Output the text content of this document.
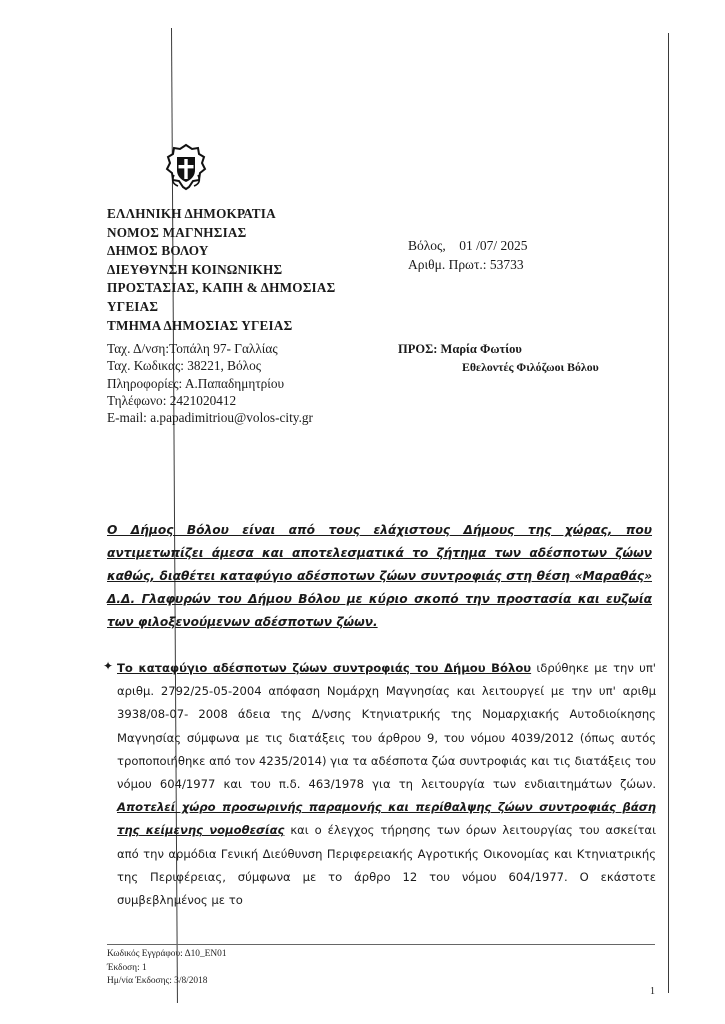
ΕΛΛΗΝΙΚΗ ΔΗΜΟΚΡΑΤΙΑ
ΝΟΜΟΣ ΜΑΓΝΗΣΙΑΣ
ΔΗΜΟΣ ΒΟΛΟΥ
ΔΙΕΥΘΥΝΣΗ ΚΟΙΝΩΝΙΚΗΣ
ΠΡΟΣΤΑΣΙΑΣ, ΚΑΠΗ & ΔΗΜΟΣΙΑΣ
ΥΓΕΙΑΣ
ΤΜΗΜΑ ΔΗΜΟΣΙΑΣ ΥΓΕΙΑΣ
Βόλος,    01 /07/ 2025
Αριθμ. Πρωτ.: 53733
Ταχ. Δ/νση:Τοπάλη 97- Γαλλίας
Ταχ. Κωδικας: 38221, Βόλος
Πληροφορίες: Α.Παπαδημητρίου
Τηλέφωνο: 2421020412
E-mail: a.papadimitriou@volos-city.gr
ΠΡΟΣ: Μαρία Φωτίου
Εθελοντές Φιλόζωοι Βόλου
Ο Δήμος Βόλου είναι από τους ελάχιστους Δήμους της χώρας, που αντιμετωπίζει άμεσα και αποτελεσματικά το ζήτημα των αδέσποτων ζώων καθώς, διαθέτει καταφύγιο αδέσποτων ζώων συντροφιάς στη θέση «Μαραθάς» Δ.Δ. Γλαφυρών του Δήμου Βόλου με κύριο σκοπό την προστασία και ευζωία των φιλοξενούμενων αδέσποτων ζώων.
✦ Το καταφύγιο αδέσποτων ζώων συντροφιάς του Δήμου Βόλου ιδρύθηκε με την υπ' αριθμ. 2792/25-05-2004 απόφαση Νομάρχη Μαγνησίας και λειτουργεί με την υπ' αριθμ 3938/08-07- 2008 άδεια της Δ/νσης Κτηνιατρικής της Νομαρχιακής Αυτοδιοίκησης Μαγνησίας σύμφωνα με τις διατάξεις του άρθρου 9, του νόμου 4039/2012 (όπως αυτός τροποποιήθηκε από τον 4235/2014) για τα αδέσποτα ζώα συντροφιάς και τις διατάξεις του νόμου 604/1977 και του π.δ. 463/1978 για τη λειτουργία των ενδιαιτημάτων ζώων. Αποτελεί χώρο προσωρινής παραμονής και περίθαλψης ζώων συντροφιάς βάση της κείμενης νομοθεσίας και ο έλεγχος τήρησης των όρων λειτουργίας του ασκείται από την αρμόδια Γενική Διεύθυνση Περιφερειακής Αγροτικής Οικονομίας και Κτηνιατρικής της Περιφέρειας, σύμφωνα με το άρθρο 12 του νόμου 604/1977. Ο εκάστοτε συμβεβλημένος με το
Κωδικός Εγγράφου: Δ10_ΕΝ01
Έκδοση: 1
Ημ/νία Έκδοσης: 3/8/2018
1
